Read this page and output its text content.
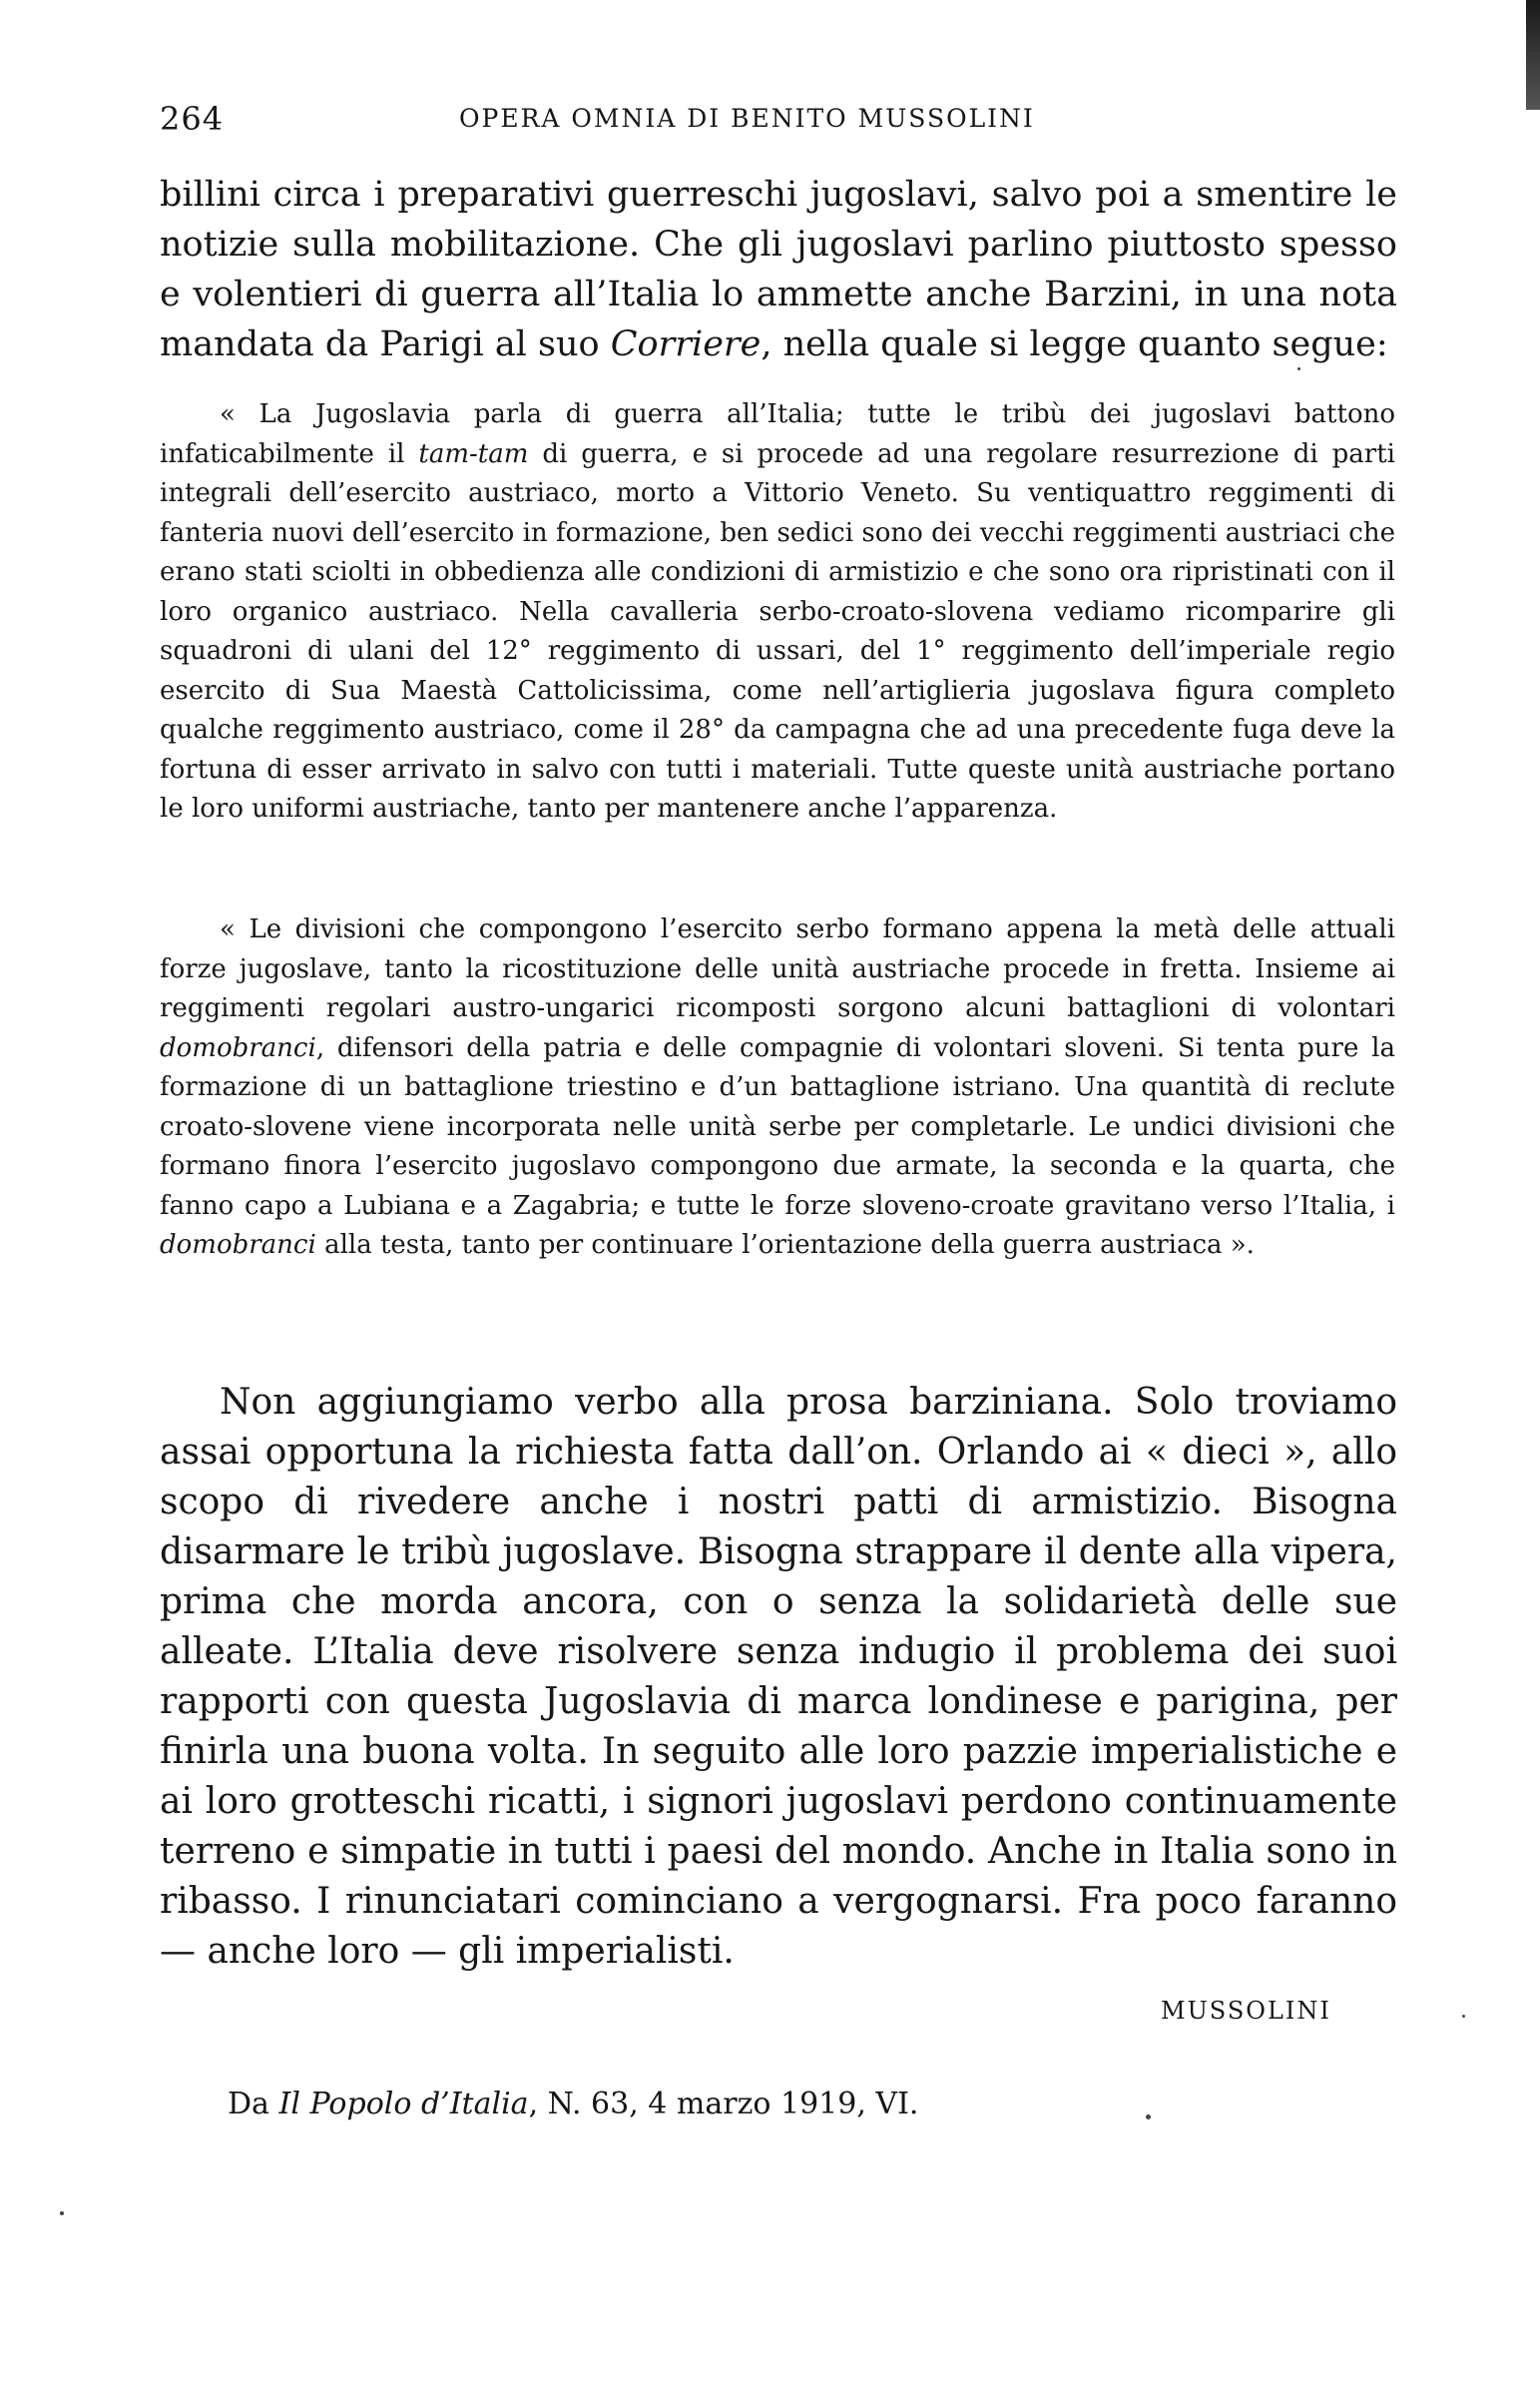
264	OPERA OMNIA DI BENITO MUSSOLINI

billini circa i preparativi guerreschi jugoslavi, salvo poi a smentire le notizie sulla mobilitazione. Che gli jugoslavi parlino piuttosto spesso e volentieri di guerra all’Italia lo ammette anche Barzini, in una nota mandata da Parigi al suo Corriere, nella quale si legge quanto segue:

« La Jugoslavia parla di guerra all’Italia; tutte le tribù dei jugoslavi battono infaticabilmente il tam-tam di guerra, e si procede ad una regolare resurrezione di parti integrali dell’esercito austriaco, morto a Vittorio Veneto. Su ventiquattro reggimenti di fanteria nuovi dell’esercito in formazione, ben sedici sono dei vecchi reggimenti austriaci che erano stati sciolti in obbedienza alle condizioni di armistizio e che sono ora ripristinati con il loro organico austriaco. Nella cavalleria serbo-croato-slovena vediamo ricomparire gli squadroni di ulani del 12° reggimento di ussari, del 1° reggimento dell’imperiale regio esercito di Sua Maestà Cattolicissima, come nell’artiglieria jugoslava figura completo qualche reggimento austriaco, come il 28° da campagna che ad una precedente fuga deve la fortuna di esser arrivato in salvo con tutti i materiali. Tutte queste unità austriache portano le loro uniformi austriache, tanto per mantenere anche l’apparenza.

« Le divisioni che compongono l’esercito serbo formano appena la metà delle attuali forze jugoslave, tanto la ricostituzione delle unità austriache procede in fretta. Insieme ai reggimenti regolari austro-ungarici ricomposti sorgono alcuni battaglioni di volontari domobranci, difensori della patria e delle compagnie di volontari sloveni. Si tenta pure la formazione di un battaglione triestino e d’un battaglione istriano. Una quantità di reclute croato-slovene viene incorporata nelle unità serbe per completarle. Le undici divisioni che formano finora l’esercito jugoslavo compongono due armate, la seconda e la quarta, che fanno capo a Lubiana e a Zagabria; e tutte le forze sloveno-croate gravitano verso l’Italia, i domobranci alla testa, tanto per continuare l’orientazione della guerra austriaca ».

Non aggiungiamo verbo alla prosa barziniana. Solo troviamo assai opportuna la richiesta fatta dall’on. Orlando ai « dieci », allo scopo di rivedere anche i nostri patti di armistizio. Bisogna disarmare le tribù jugoslave. Bisogna strappare il dente alla vipera, prima che morda ancora, con o senza la solidarietà delle sue alleate. L’Italia deve risolvere senza indugio il problema dei suoi rapporti con questa Jugoslavia di marca londinese e parigina, per finirla una buona volta. In seguito alle loro pazzie imperialistiche e ai loro grotteschi ricatti, i signori jugoslavi perdono continuamente terreno e simpatie in tutti i paesi del mondo. Anche in Italia sono in ribasso. I rinunciatari cominciano a vergognarsi. Fra poco faranno — anche loro — gli imperialisti.

MUSSOLINI
Da Il Popolo d’Italia, N. 63, 4 marzo 1919, VI.
